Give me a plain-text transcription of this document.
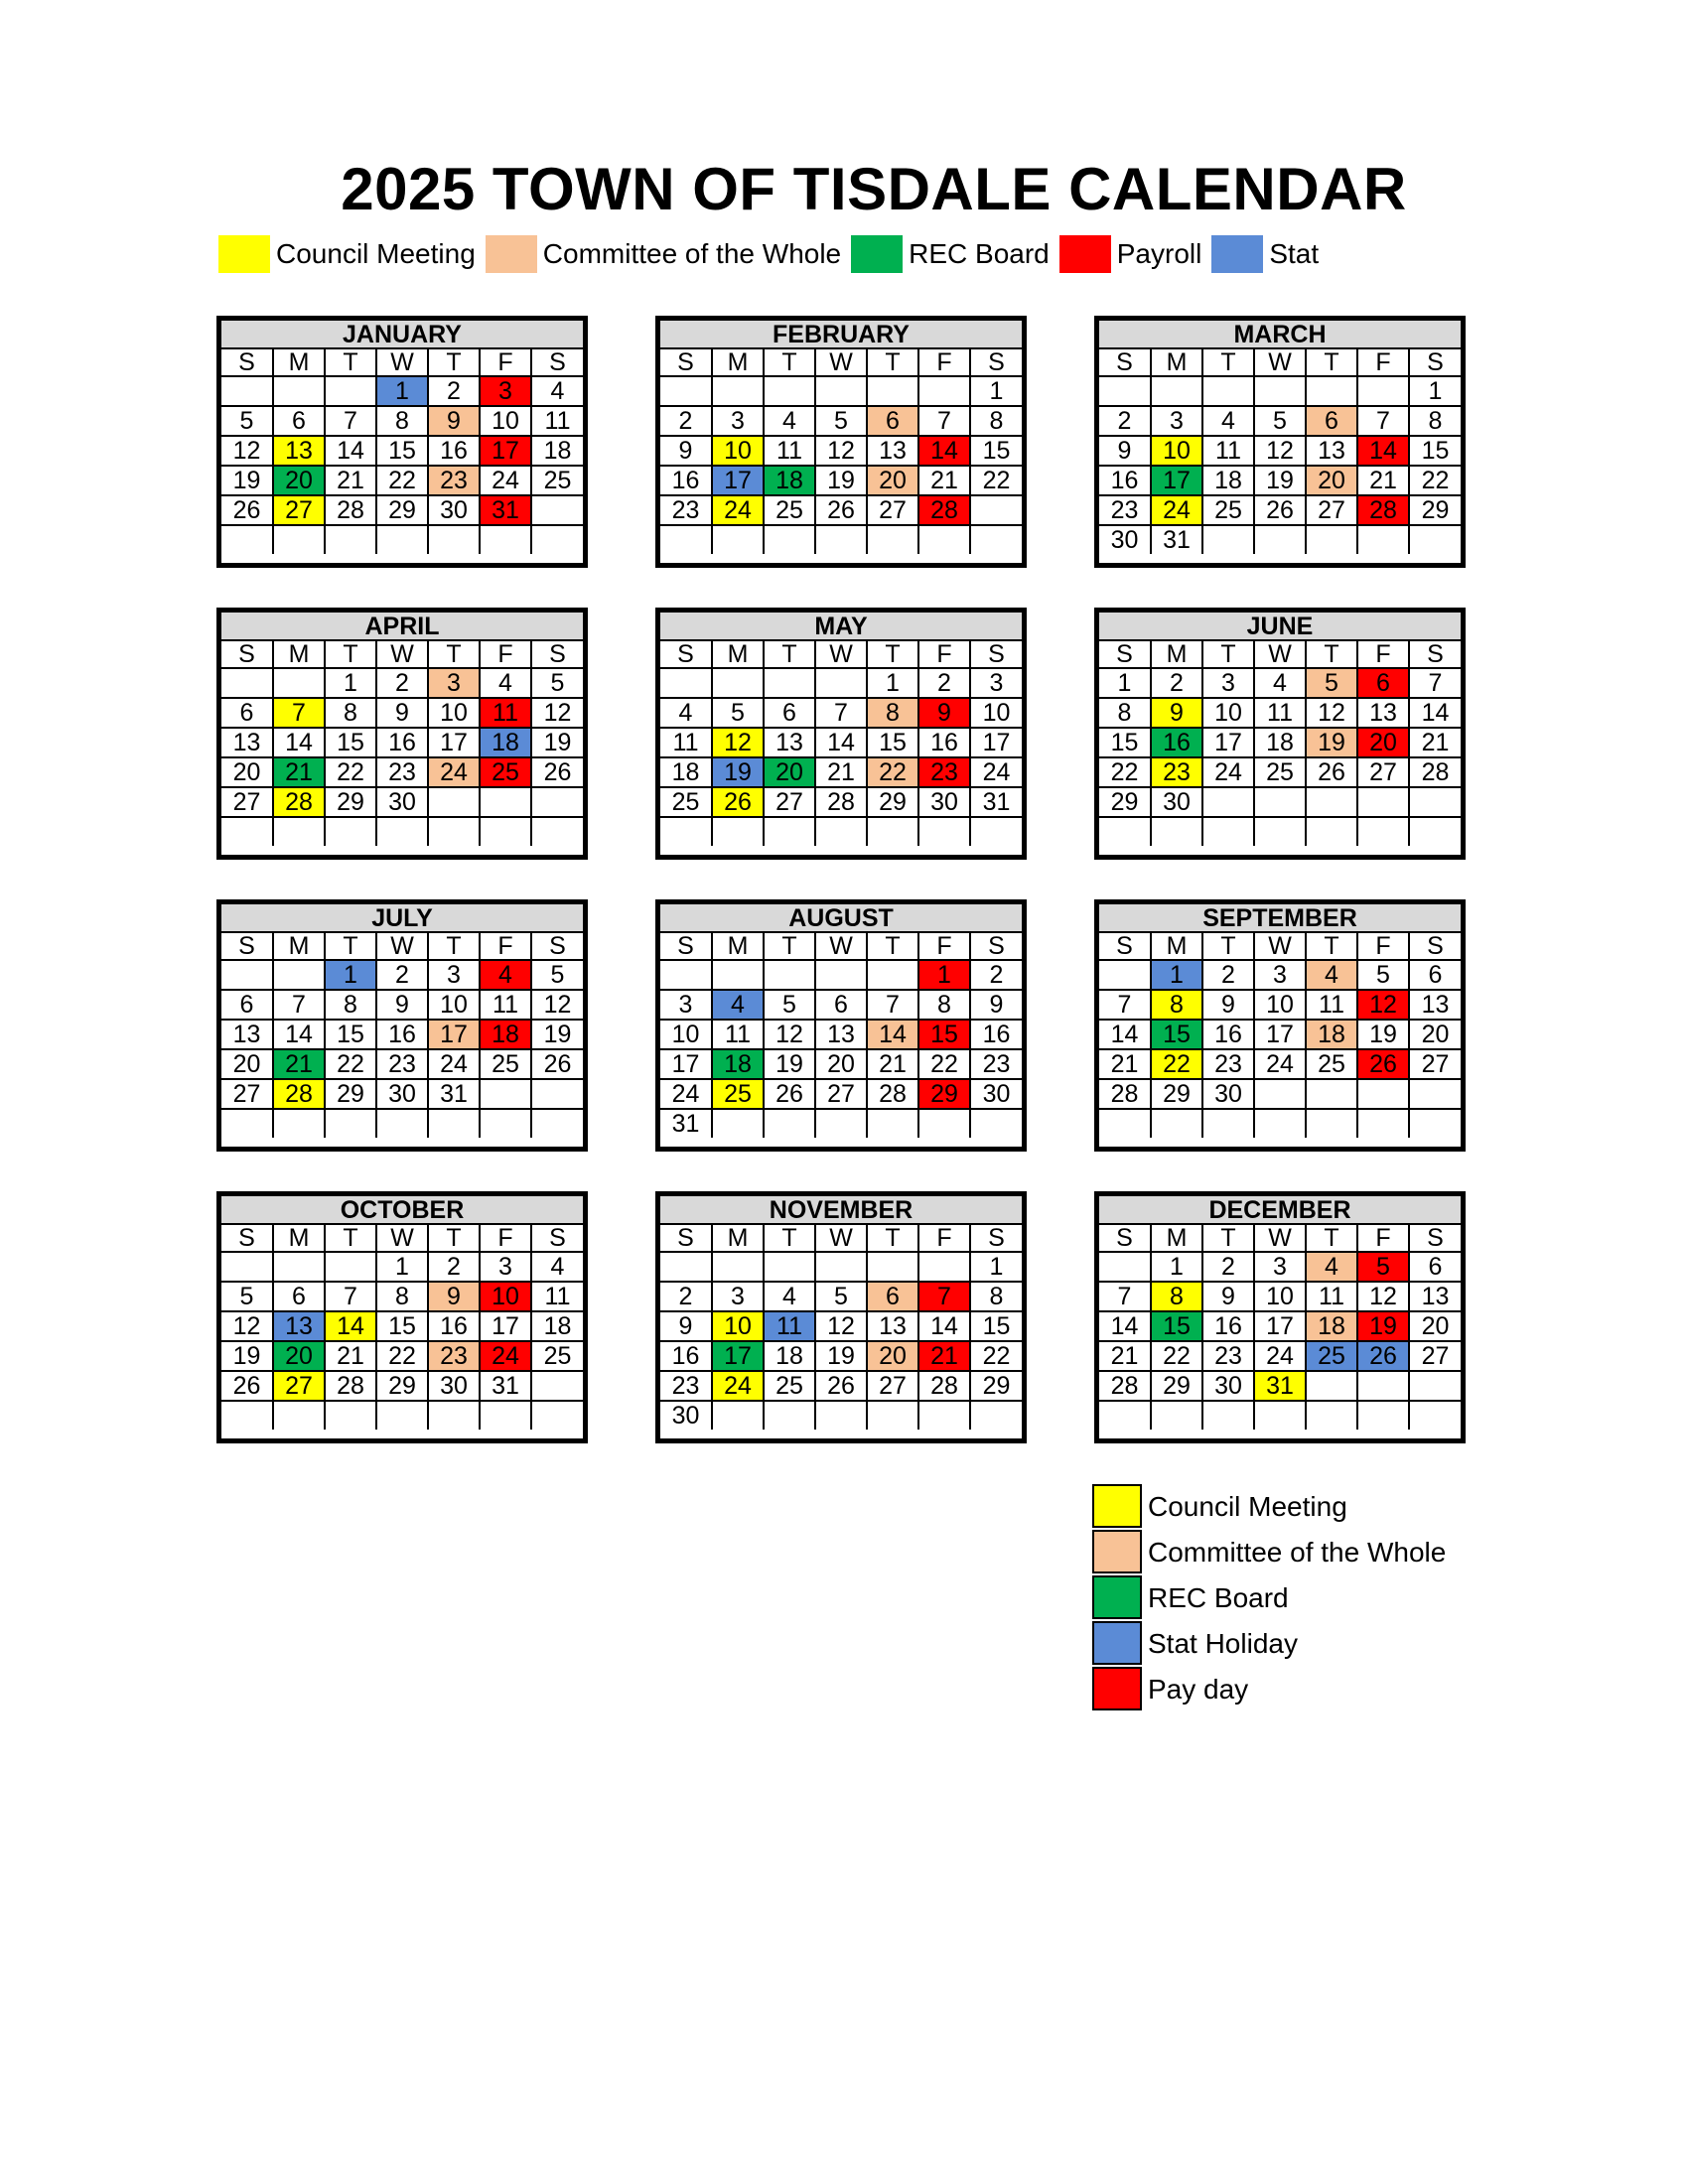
2025 TOWN OF TISDALE CALENDAR
Council Meeting Committee of the Whole REC Board Payroll Stat
JANUARY						
S	M	T	W	T	F	S
			1	2	3	4
5	6	7	8	9	10	11
12	13	14	15	16	17	18
19	20	21	22	23	24	25
26	27	28	29	30	31	

FEBRUARY						
S	M	T	W	T	F	S
						1
2	3	4	5	6	7	8
9	10	11	12	13	14	15
16	17	18	19	20	21	22
23	24	25	26	27	28	

MARCH						
S	M	T	W	T	F	S
						1
2	3	4	5	6	7	8
9	10	11	12	13	14	15
16	17	18	19	20	21	22
23	24	25	26	27	28	29
30	31					
APRIL						
S	M	T	W	T	F	S
		1	2	3	4	5
6	7	8	9	10	11	12
13	14	15	16	17	18	19
20	21	22	23	24	25	26
27	28	29	30			

MAY						
S	M	T	W	T	F	S
				1	2	3
4	5	6	7	8	9	10
11	12	13	14	15	16	17
18	19	20	21	22	23	24
25	26	27	28	29	30	31

JUNE						
S	M	T	W	T	F	S
1	2	3	4	5	6	7
8	9	10	11	12	13	14
15	16	17	18	19	20	21
22	23	24	25	26	27	28
29	30					

JULY						
S	M	T	W	T	F	S
		1	2	3	4	5
6	7	8	9	10	11	12
13	14	15	16	17	18	19
20	21	22	23	24	25	26
27	28	29	30	31		

AUGUST						
S	M	T	W	T	F	S
					1	2
3	4	5	6	7	8	9
10	11	12	13	14	15	16
17	18	19	20	21	22	23
24	25	26	27	28	29	30
31						
SEPTEMBER						
S	M	T	W	T	F	S
	1	2	3	4	5	6
7	8	9	10	11	12	13
14	15	16	17	18	19	20
21	22	23	24	25	26	27
28	29	30				

OCTOBER						
S	M	T	W	T	F	S
			1	2	3	4
5	6	7	8	9	10	11
12	13	14	15	16	17	18
19	20	21	22	23	24	25
26	27	28	29	30	31	

NOVEMBER						
S	M	T	W	T	F	S
						1
2	3	4	5	6	7	8
9	10	11	12	13	14	15
16	17	18	19	20	21	22
23	24	25	26	27	28	29
30						
DECEMBER						
S	M	T	W	T	F	S
	1	2	3	4	5	6
7	8	9	10	11	12	13
14	15	16	17	18	19	20
21	22	23	24	25	26	27
28	29	30	31			

Council Meeting
Committee of the Whole
REC Board
Stat Holiday
Pay day
